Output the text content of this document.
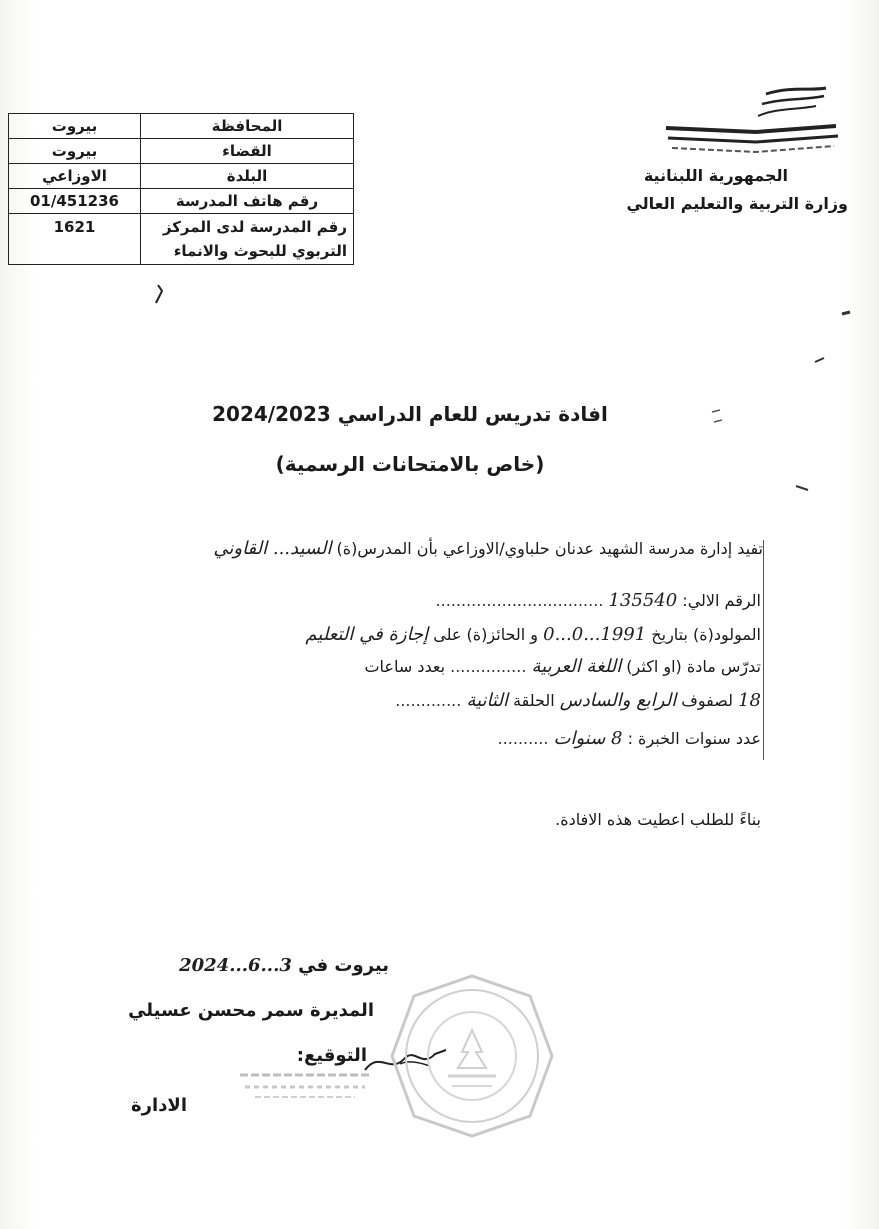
الجمهورية اللبنانية
وزارة التربية والتعليم العالي
المحافظة	بيروت
القضاء	بيروت
البلدة	الاوزاعي
رقم هاتف المدرسة	01/451236
رقم المدرسة لدى المركز التربوي للبحوث والانماء	1621
افادة تدريس للعام الدراسي 2024/2023
(خاص بالامتحانات الرسمية)
تفيد إدارة مدرسة الشهيد عدنان حلباوي/الاوزاعي بأن المدرس(ة) السيد... القاوني
الرقم الالي: 135540 .................................
المولود(ة) بتاريخ 1991...0...0 و الحائز(ة) على إجازة في التعليم
تدرّس مادة (او اكثر) اللغة العربية ............... بعدد ساعات
18 لصفوف الرابع والسادس الحلقة الثانية .............
عدد سنوات الخبرة : 8 سنوات ..........
بناءً للطلب اعطيت هذه الافادة.
بيروت في 3...6...2024
المديرة سمر محسن عسيلي
التوقيع:
الادارة
